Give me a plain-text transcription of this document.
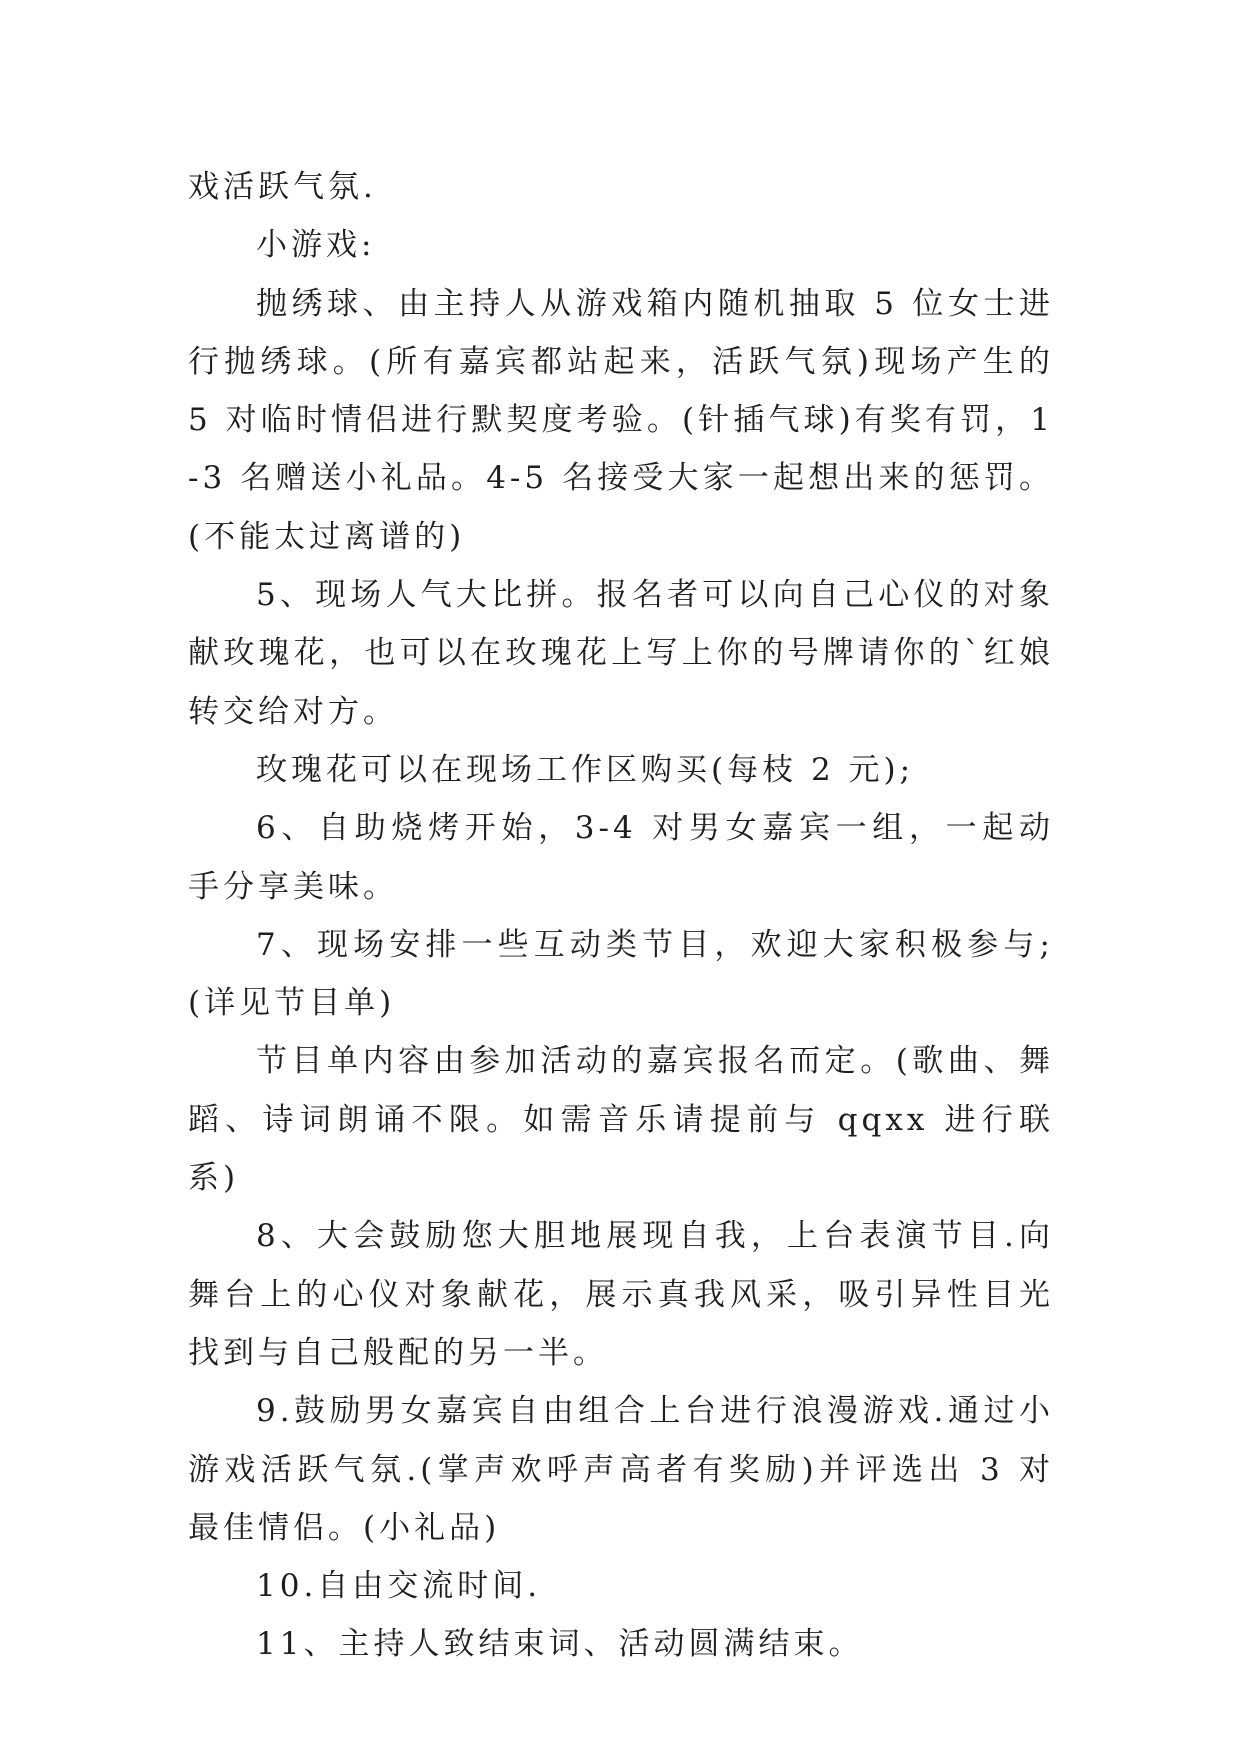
戏活跃气氛.

小游戏:

抛绣球、由主持人从游戏箱内随机抽取 5 位女士进行抛绣球。(所有嘉宾都站起来，活跃气氛)现场产生的 5 对临时情侣进行默契度考验。(针插气球)有奖有罚，1-3 名赠送小礼品。4-5 名接受大家一起想出来的惩罚。(不能太过离谱的)

5、现场人气大比拼。报名者可以向自己心仪的对象献玫瑰花，也可以在玫瑰花上写上你的号牌请你的`红娘转交给对方。

玫瑰花可以在现场工作区购买(每枝 2 元);

6、自助烧烤开始，3-4 对男女嘉宾一组，一起动手分享美味。

7、现场安排一些互动类节目，欢迎大家积极参与;(详见节目单)

节目单内容由参加活动的嘉宾报名而定。(歌曲、舞蹈、诗词朗诵不限。如需音乐请提前与 qqxx 进行联系)

8、大会鼓励您大胆地展现自我，上台表演节目.向舞台上的心仪对象献花，展示真我风采，吸引异性目光找到与自己般配的另一半。

9.鼓励男女嘉宾自由组合上台进行浪漫游戏.通过小游戏活跃气氛.(掌声欢呼声高者有奖励)并评选出 3 对最佳情侣。(小礼品)

10.自由交流时间.

11、主持人致结束词、活动圆满结束。
